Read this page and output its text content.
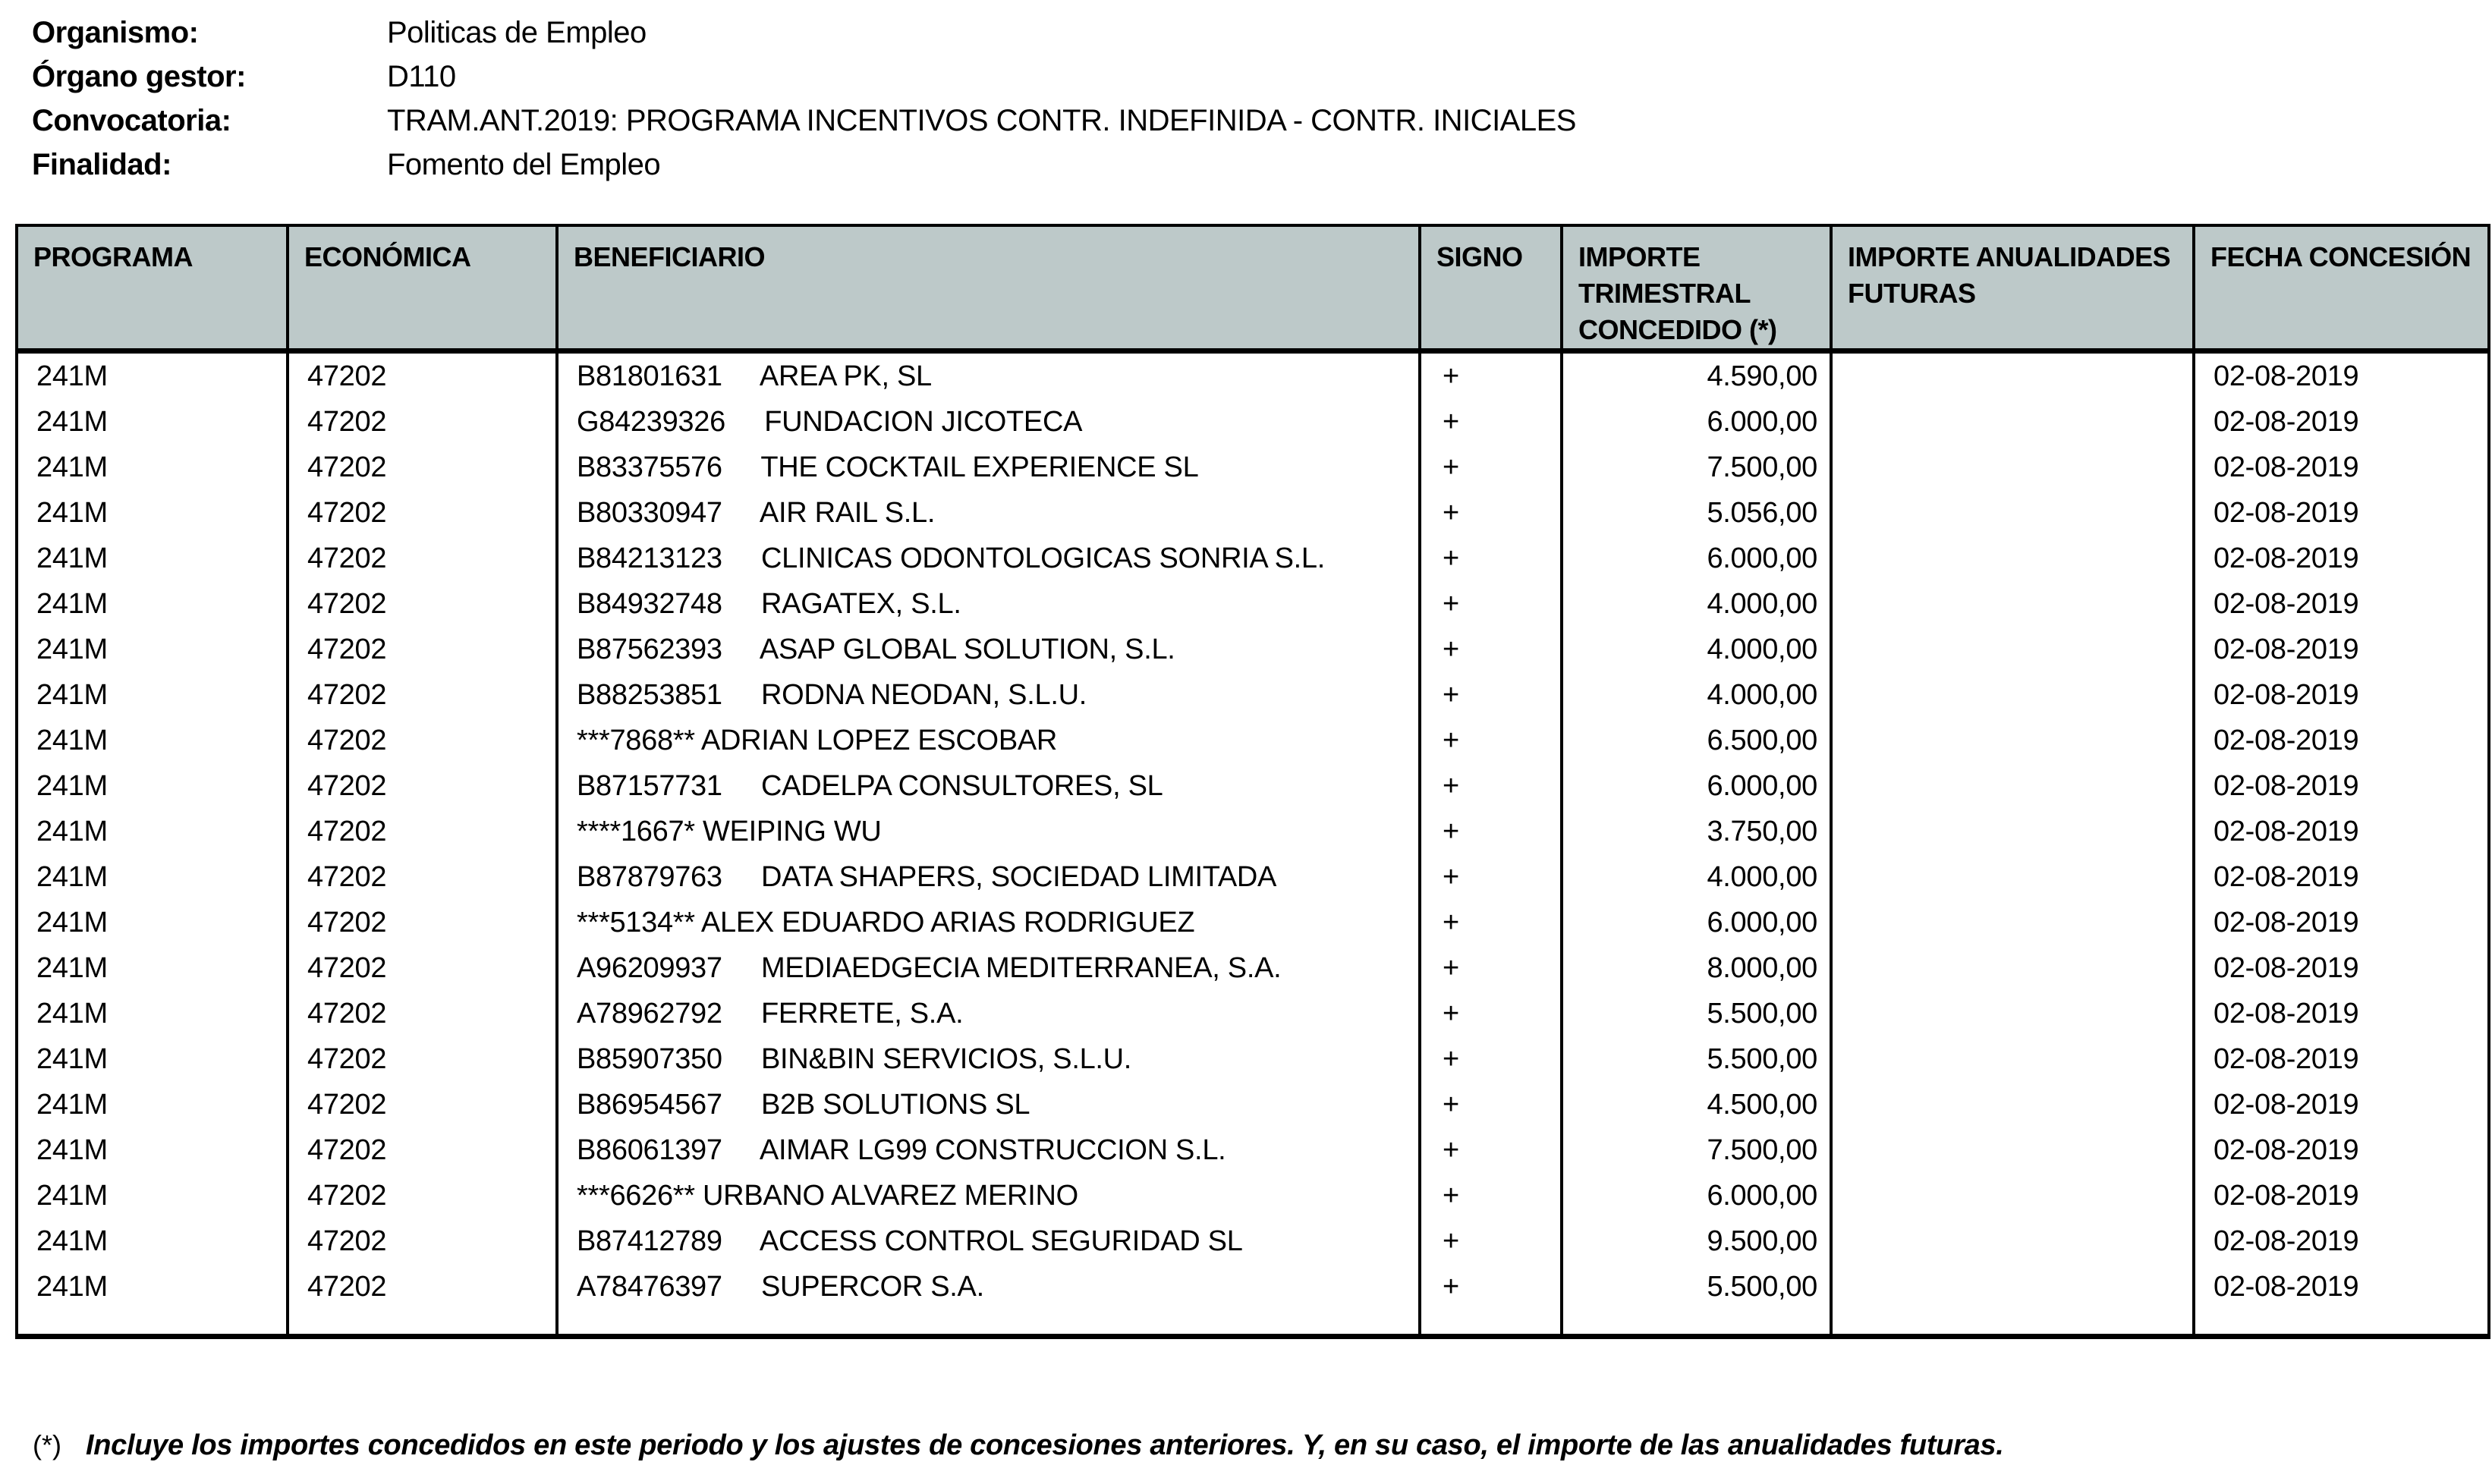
Organismo:	Politicas de Empleo
Órgano gestor:	D110
Convocatoria:	TRAM.ANT.2019: PROGRAMA INCENTIVOS CONTR. INDEFINIDA - CONTR. INICIALES
Finalidad:	Fomento del Empleo
PROGRAMA	ECONÓMICA	BENEFICIARIO	SIGNO	IMPORTE TRIMESTRAL CONCEDIDO (*)	IMPORTE ANUALIDADES FUTURAS	FECHA CONCESIÓN
241M	47202	B81801631     AREA PK, SL	+	4.590,00		02-08-2019
241M	47202	G84239326     FUNDACION JICOTECA	+	6.000,00		02-08-2019
241M	47202	B83375576     THE COCKTAIL EXPERIENCE SL	+	7.500,00		02-08-2019
241M	47202	B80330947     AIR RAIL S.L.	+	5.056,00		02-08-2019
241M	47202	B84213123     CLINICAS ODONTOLOGICAS SONRIA S.L.	+	6.000,00		02-08-2019
241M	47202	B84932748     RAGATEX, S.L.	+	4.000,00		02-08-2019
241M	47202	B87562393     ASAP GLOBAL SOLUTION, S.L.	+	4.000,00		02-08-2019
241M	47202	B88253851     RODNA NEODAN, S.L.U.	+	4.000,00		02-08-2019
241M	47202	***7868** ADRIAN LOPEZ ESCOBAR	+	6.500,00		02-08-2019
241M	47202	B87157731     CADELPA CONSULTORES, SL	+	6.000,00		02-08-2019
241M	47202	****1667* WEIPING WU	+	3.750,00		02-08-2019
241M	47202	B87879763     DATA SHAPERS, SOCIEDAD LIMITADA	+	4.000,00		02-08-2019
241M	47202	***5134** ALEX EDUARDO ARIAS RODRIGUEZ	+	6.000,00		02-08-2019
241M	47202	A96209937     MEDIAEDGECIA MEDITERRANEA, S.A.	+	8.000,00		02-08-2019
241M	47202	A78962792     FERRETE, S.A.	+	5.500,00		02-08-2019
241M	47202	B85907350     BIN&BIN SERVICIOS, S.L.U.	+	5.500,00		02-08-2019
241M	47202	B86954567     B2B SOLUTIONS SL	+	4.500,00		02-08-2019
241M	47202	B86061397     AIMAR LG99 CONSTRUCCION S.L.	+	7.500,00		02-08-2019
241M	47202	***6626** URBANO ALVAREZ MERINO	+	6.000,00		02-08-2019
241M	47202	B87412789     ACCESS CONTROL SEGURIDAD SL	+	9.500,00		02-08-2019
241M	47202	A78476397     SUPERCOR S.A.	+	5.500,00		02-08-2019

(*) Incluye los importes concedidos en este periodo y los ajustes de concesiones anteriores. Y, en su caso, el importe de las anualidades futuras.
